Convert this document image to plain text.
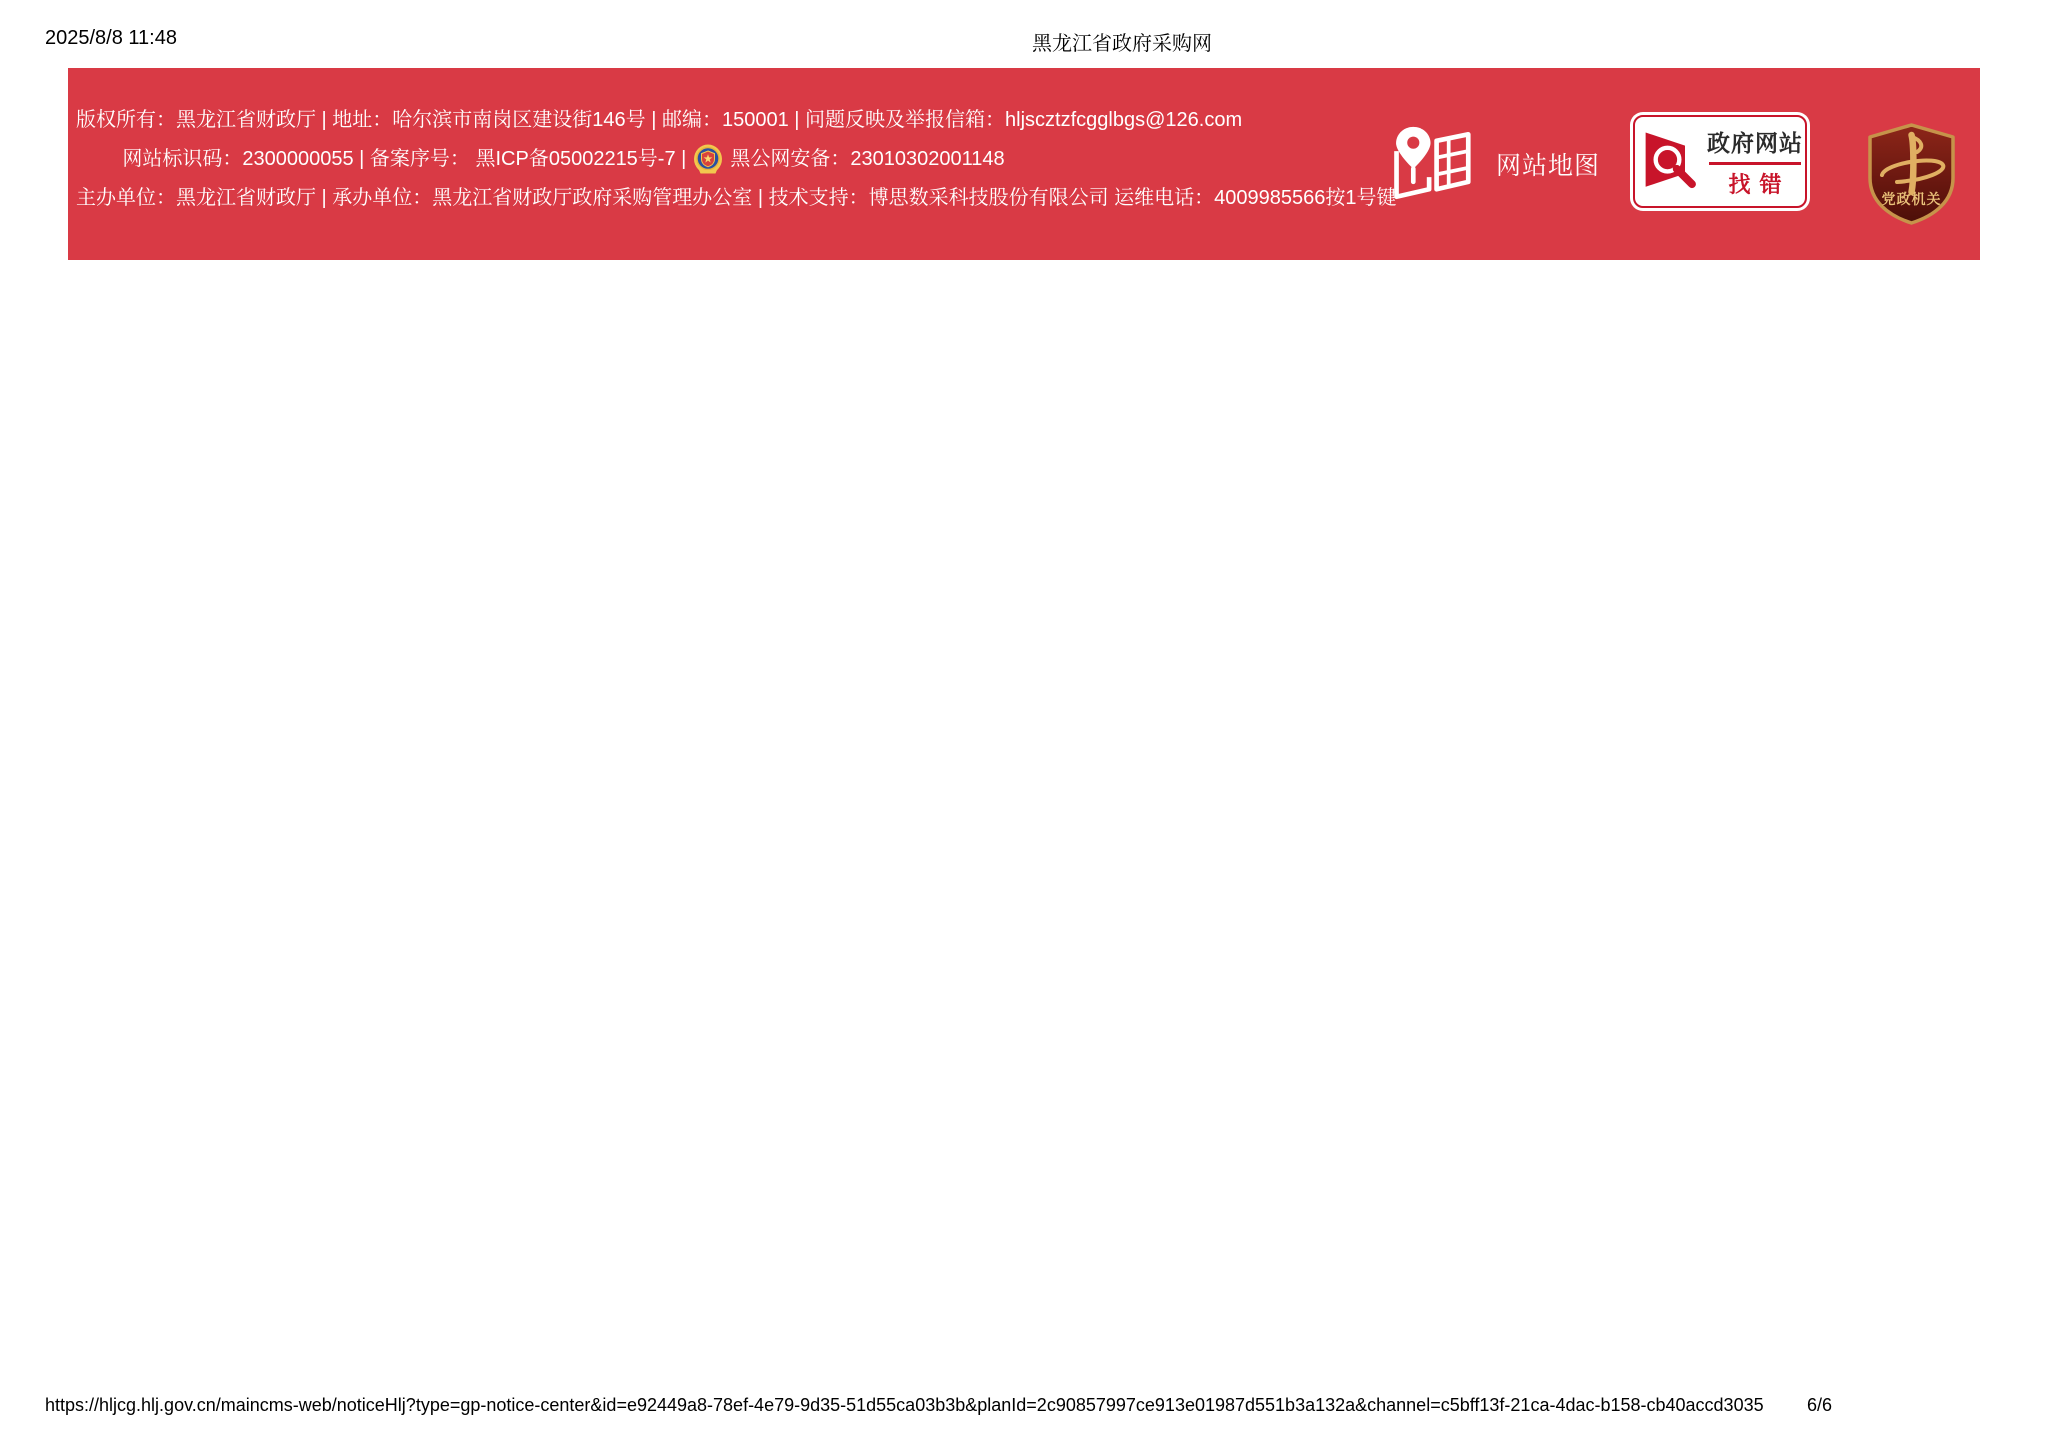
2025/8/8 11:48	黑龙江省政府采购网
版权所有：黑龙江省财政厅 | 地址：哈尔滨市南岗区建设街146号 | 邮编：150001 | 问题反映及举报信箱：hljscztzfcgglbgs@126.com
网站标识码：2300000055 | 备案序号： 黑ICP备05002215号-7 | 黑公网安备：23010302001148
主办单位：黑龙江省财政厅 | 承办单位：黑龙江省财政厅政府采购管理办公室 | 技术支持：博思数采科技股份有限公司 运维电话：4009985566按1号键
网站地图
政府网站
找错
党政机关
https://hljcg.hlj.gov.cn/maincms-web/noticeHlj?type=gp-notice-center&id=e92449a8-78ef-4e79-9d35-51d55ca03b3b&planId=2c90857997ce913e01987d551b3a132a&channel=c5bff13f-21ca-4dac-b158-cb40accd3035 6/6
